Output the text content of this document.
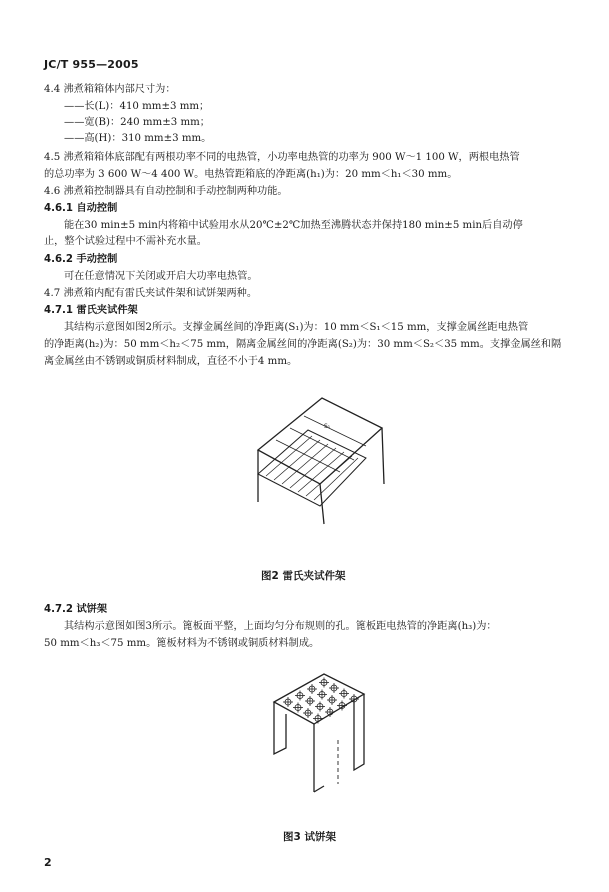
JC/T 955—2005
4.4 沸煮箱箱体内部尺寸为：
——长(L)：410 mm±3 mm；
——宽(B)：240 mm±3 mm；
——高(H)：310 mm±3 mm。
4.5 沸煮箱箱体底部配有两根功率不同的电热管，小功率电热管的功率为 900 W～1 100 W，两根电热管
的总功率为 3 600 W～4 400 W。电热管距箱底的净距离(h₁)为：20 mm＜h₁＜30 mm。
4.6 沸煮箱控制器具有自动控制和手动控制两种功能。
4.6.1 自动控制
能在30 min±5 min内将箱中试验用水从20℃±2℃加热至沸腾状态并保持180 min±5 min后自动停
止，整个试验过程中不需补充水量。
4.6.2 手动控制
可在任意情况下关闭或开启大功率电热管。
4.7 沸煮箱内配有雷氏夹试件架和试饼架两种。
4.7.1 雷氏夹试件架
其结构示意图如图2所示。支撑金属丝间的净距离(S₁)为：10 mm＜S₁＜15 mm，支撑金属丝距电热管
的净距离(h₂)为：50 mm＜h₂＜75 mm，隔离金属丝间的净距离(S₂)为：30 mm＜S₂＜35 mm。支撑金属丝和隔
离金属丝由不锈钢或铜质材料制成，直径不小于4 mm。
4.7.2 试饼架
其结构示意图如图3所示。篦板面平整，上面均匀分布规则的孔。篦板距电热管的净距离(h₃)为：
50 mm＜h₃＜75 mm。篦板材料为不锈钢或铜质材料制成。
S₁
图2 雷氏夹试件架
图3 试饼架
2
